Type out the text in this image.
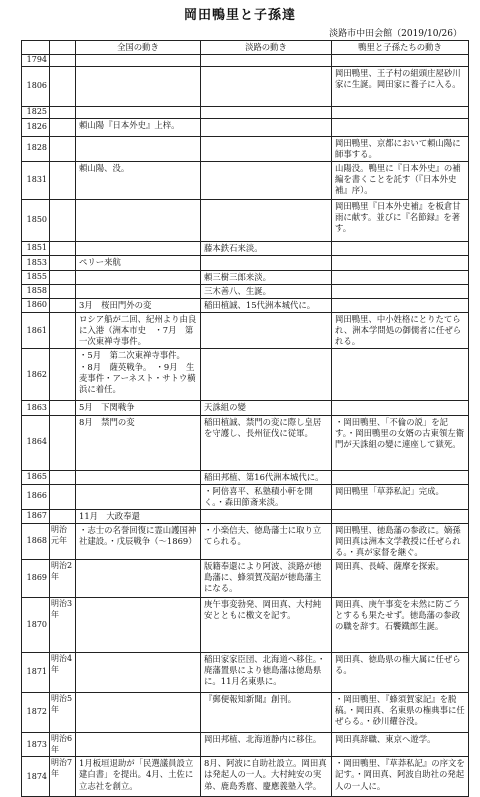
岡田鴨里と子孫達
淡路市中田会館（2019/10/26）
		全国の動き	淡路の動き	鴨里と子孫たちの動き
1794				
1806				岡田鴨里、王子村の組頭庄屋砂川家に生誕。岡田家に養子に入る。
1825				
1826		頼山陽『日本外史』上梓。		
1828				岡田鴨里、京都において頼山陽に師事する。
1831		頼山陽、没。		山陽没。鴨里に『日本外史』の補編を書くことを託す（『日本外史補』序）。
1850				岡田鴨里『日本外史補』を板倉甘雨に献す。並びに『名節録』を著す。
1851			藤本鉄石来淡。	
1853		ペリー来航		
1855			頼三樹三郎来淡。	
1858			三木善八、生誕。	
1860		3月　桜田門外の変	稲田植誠、15代洲本城代に。	
1861		ロシア船が二回、紀州より由良に入港（洲本市史　・7月　第一次東禅寺事件。		岡田鴨里、中小姓格にとりたてられ、洲本学問処の御儒者に任ぜられる。
1862		・5月　第二次東禅寺事件。　・8月　薩英戦争。　・9月　生麦事件・アーネスト・サトウ横浜に着任。		
1863		5月　下関戦争	天誅組の變	
1864		8月　禁門の変	稲田植誠、禁門の変に際し皇居を守護し、長州征伐に従軍。	・岡田鴨里、「不倫の説」を記す。・岡田鴨里の女婿の古東領左衛門が天誅組の變に連座して獄死。
1865			稲田邦植、第16代洲本城代に。	
1866			・阿倍喜平、私塾積小軒を開く。・森田節斎来淡。	岡田鴨里「草莽私記」完成。
1867		11月　大政奉還		
1868	明治元年	・志士の名誉回復に霊山護国神社建設。・戊辰戦争（〜1869）	・小楽信夫、徳島藩士に取り立てられる。	岡田鴨里、徳島藩の参政に。嫡孫岡田真は洲本文学教授に任ぜられる。・真が家督を継ぐ。
1869	明治2年		版籍奉還により阿波、淡路が徳島藩に、蜂須賀茂韶が徳島藩主になる。	岡田真、長崎、薩摩を探索。
1870	明治3年		庚午事変勃発、岡田真、大村純安とともに檄文を記す。	岡田真、庚午事変を未然に防ごうとするも果たせず。徳島藩の参政の職を辞す。石饗鐡郎生誕。
1871	明治4年		稲田家家臣団、北海道へ移住。・廃藩置県により徳島藩は徳島県に。11月名東県に。	岡田真、徳島県の権大属に任ぜらる。
1872	明治5年		『郵便報知新聞』創刊。	・岡田鴨里、『蜂須賀家記』を脱稿。・岡田真、名東県の権典事に任ぜらる。・砂川耀谷没。
1873	明治6年		岡田邦植、北海道静内に移住。	岡田真辞職、東京へ遊学。
1874	明治7年	1月板垣退助が「民選議員設立建白書」を提出。4月、土佐に立志社を創立。	8月、阿波に自助社設立。岡田真は発起人の一人。大村純安の実弟、鹿島秀麿、慶應義塾入学。	・岡田鴨里、『草莽私記』の序文を記す。・岡田真、阿波自助社の発起人の一人に。
